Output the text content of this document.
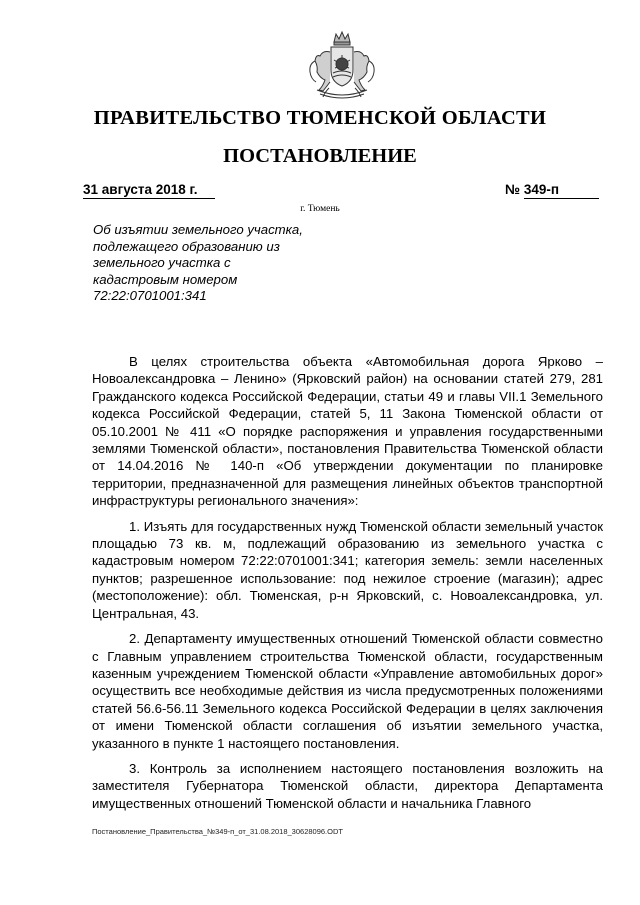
ПРАВИТЕЛЬСТВО ТЮМЕНСКОЙ ОБЛАСТИ
ПОСТАНОВЛЕНИЕ
31 августа 2018 г.	№ 349-п
г. Тюмень
Об изъятии земельного участка, подлежащего образованию из земельного участка с кадастровым номером 72:22:0701001:341

В целях строительства объекта «Автомобильная дорога Ярково – Новоалександровка – Ленино» (Ярковский район) на основании статей 279, 281 Гражданского кодекса Российской Федерации, статьи 49 и главы VII.1 Земельного кодекса Российской Федерации, статей 5, 11 Закона Тюменской области от 05.10.2001 № 411 «О порядке распоряжения и управления государственными землями Тюменской области», постановления Правительства Тюменской области от 14.04.2016 № 140-п «Об утверждении документации по планировке территории, предназначенной для размещения линейных объектов транспортной инфраструктуры регионального значения»:

1. Изъять для государственных нужд Тюменской области земельный участок площадью 73 кв. м, подлежащий образованию из земельного участка с кадастровым номером 72:22:0701001:341; категория земель: земли населенных пунктов; разрешенное использование: под нежилое строение (магазин); адрес (местоположение): обл. Тюменская, р-н Ярковский, с. Новоалександровка, ул. Центральная, 43.

2. Департаменту имущественных отношений Тюменской области совместно с Главным управлением строительства Тюменской области, государственным казенным учреждением Тюменской области «Управление автомобильных дорог» осуществить все необходимые действия из числа предусмотренных положениями статей 56.6-56.11 Земельного кодекса Российской Федерации в целях заключения от имени Тюменской области соглашения об изъятии земельного участка, указанного в пункте 1 настоящего постановления.

3. Контроль за исполнением настоящего постановления возложить на заместителя Губернатора Тюменской области, директора Департамента имущественных отношений Тюменской области и начальника Главного

Постановление_Правительства_№349-п_от_31.08.2018_30628096.ODT
